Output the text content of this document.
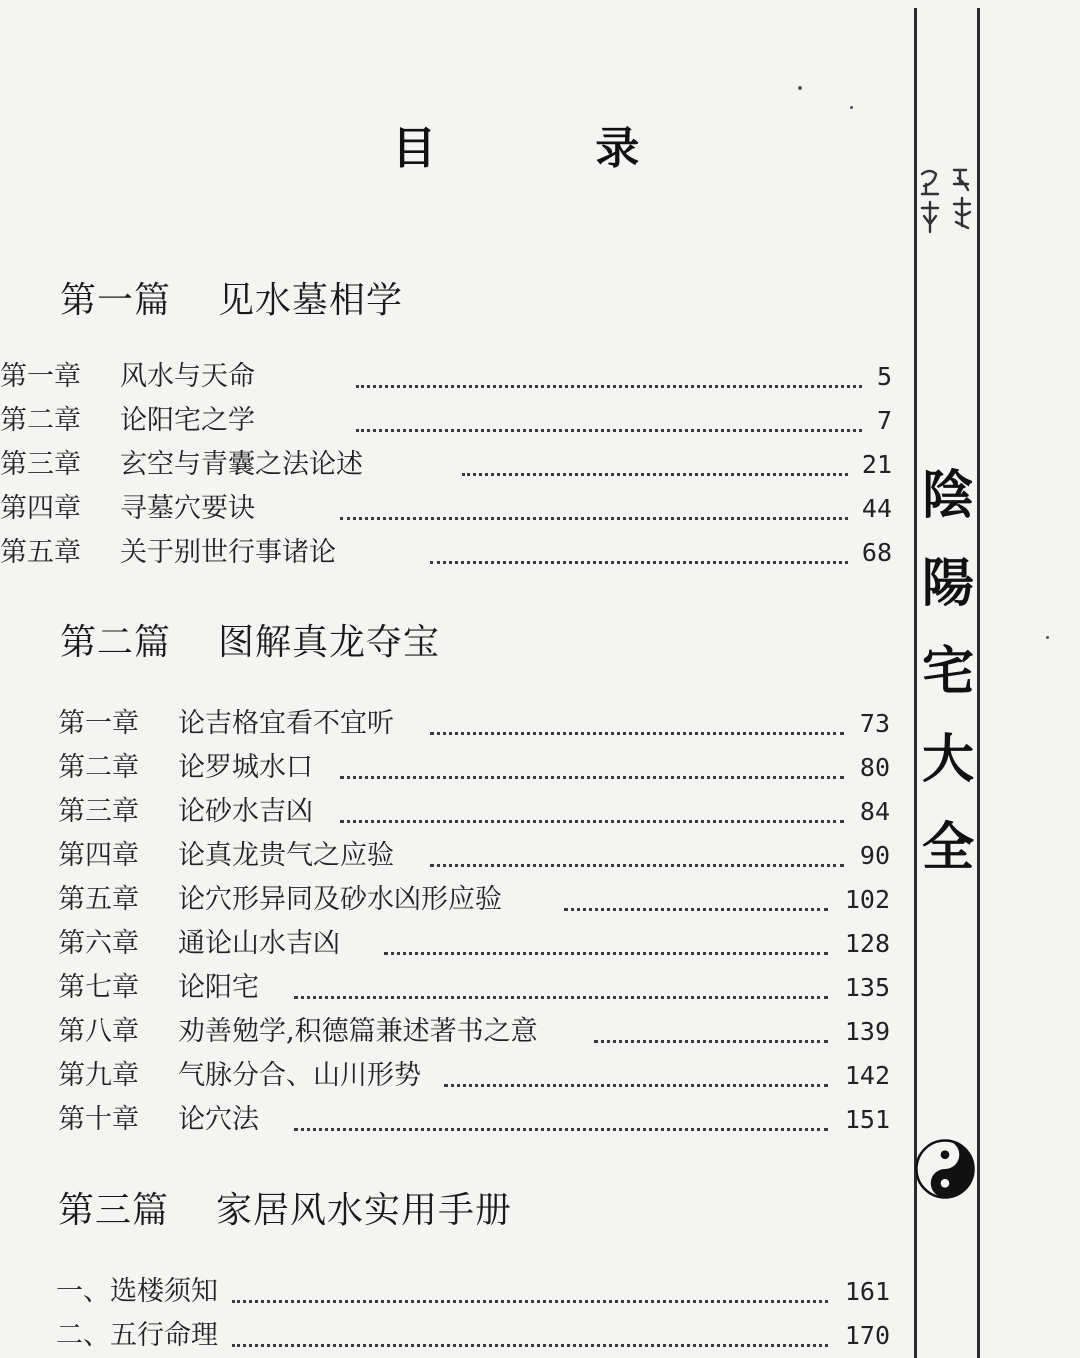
目 录
第一篇 见水墓相学
第一章 风水与天命	5
第二章 论阳宅之学	7
第三章 玄空与青囊之法论述	21
第四章 寻墓穴要诀	44
第五章 关于别世行事诸论	68
第二篇 图解真龙夺宝
第一章 论吉格宜看不宜听	73
第二章 论罗城水口	80
第三章 论砂水吉凶	84
第四章 论真龙贵气之应验	90
第五章 论穴形异同及砂水凶形应验	102
第六章 通论山水吉凶	128
第七章 论阳宅	135
第八章 劝善勉学,积德篇兼述著书之意	139
第九章 气脉分合、山川形势	142
第十章 论穴法	151
第三篇 家居风水实用手册
一、选楼须知	161
二、五行命理	170
陰
陽
宅
大
全
